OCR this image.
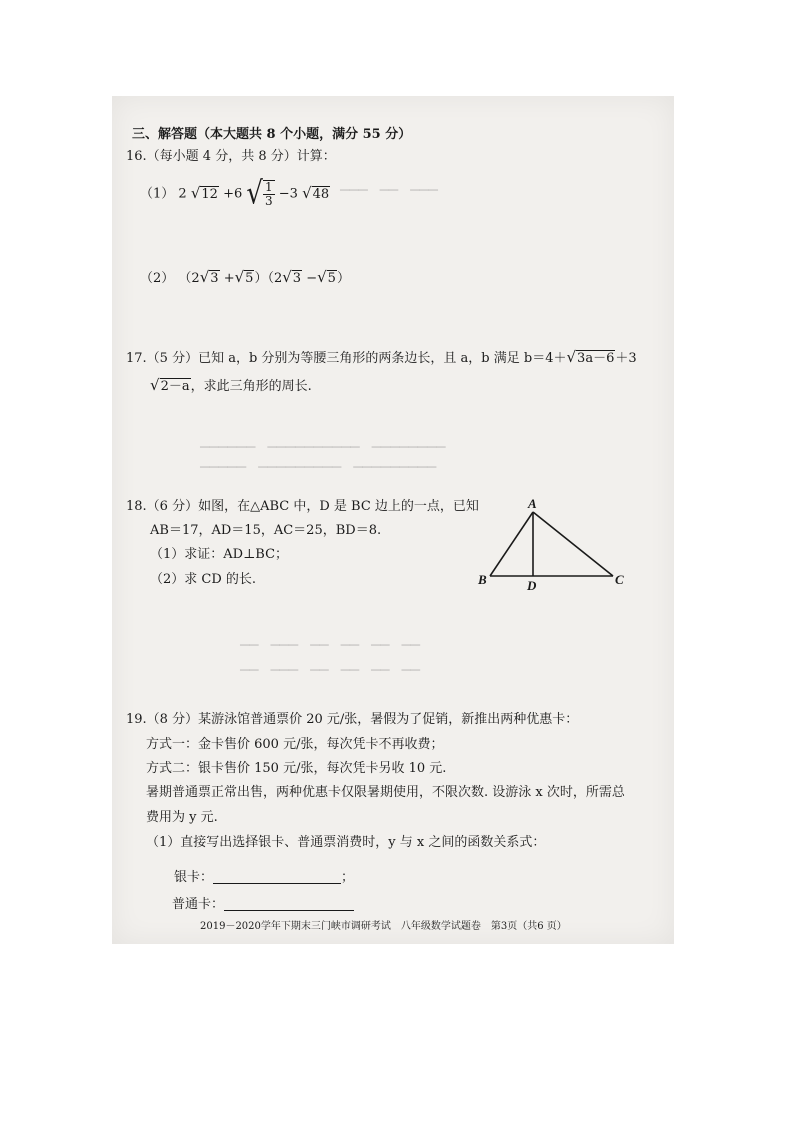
三、解答题（本大题共 8 个小题，满分 55 分）
16.（每小题 4 分，共 8 分）计算：
（1） 2 √12 +6 √ $\frac{1}{3} -3$ √48
（2） （2√3 +√5）（2√3 −√5）
17.（5 分）已知 a，b 分别为等腰三角形的两条边长，且 a，b 满足 b＝4＋√3a－6＋3
√2－a，求此三角形的周长.
18.（6 分）如图，在△ABC 中，D 是 BC 边上的一点，已知
AB＝17，AD＝15，AC＝25，BD＝8.
（1）求证：AD⊥BC；
（2）求 CD 的长.
A
B	D	C
19.（8 分）某游泳馆普通票价 20 元/张，暑假为了促销，新推出两种优惠卡：
方式一：金卡售价 600 元/张，每次凭卡不再收费；
方式二：银卡售价 150 元/张，每次凭卡另收 10 元.
暑期普通票正常出售，两种优惠卡仅限暑期使用，不限次数. 设游泳 x 次时，所需总
费用为 y 元.
（1）直接写出选择银卡、普通票消费时，y 与 x 之间的函数关系式：
银卡：	；
普通卡：
2019－2020学年下期末三门峡市调研考试　八年级数学试题卷　第3页（共6 页）
